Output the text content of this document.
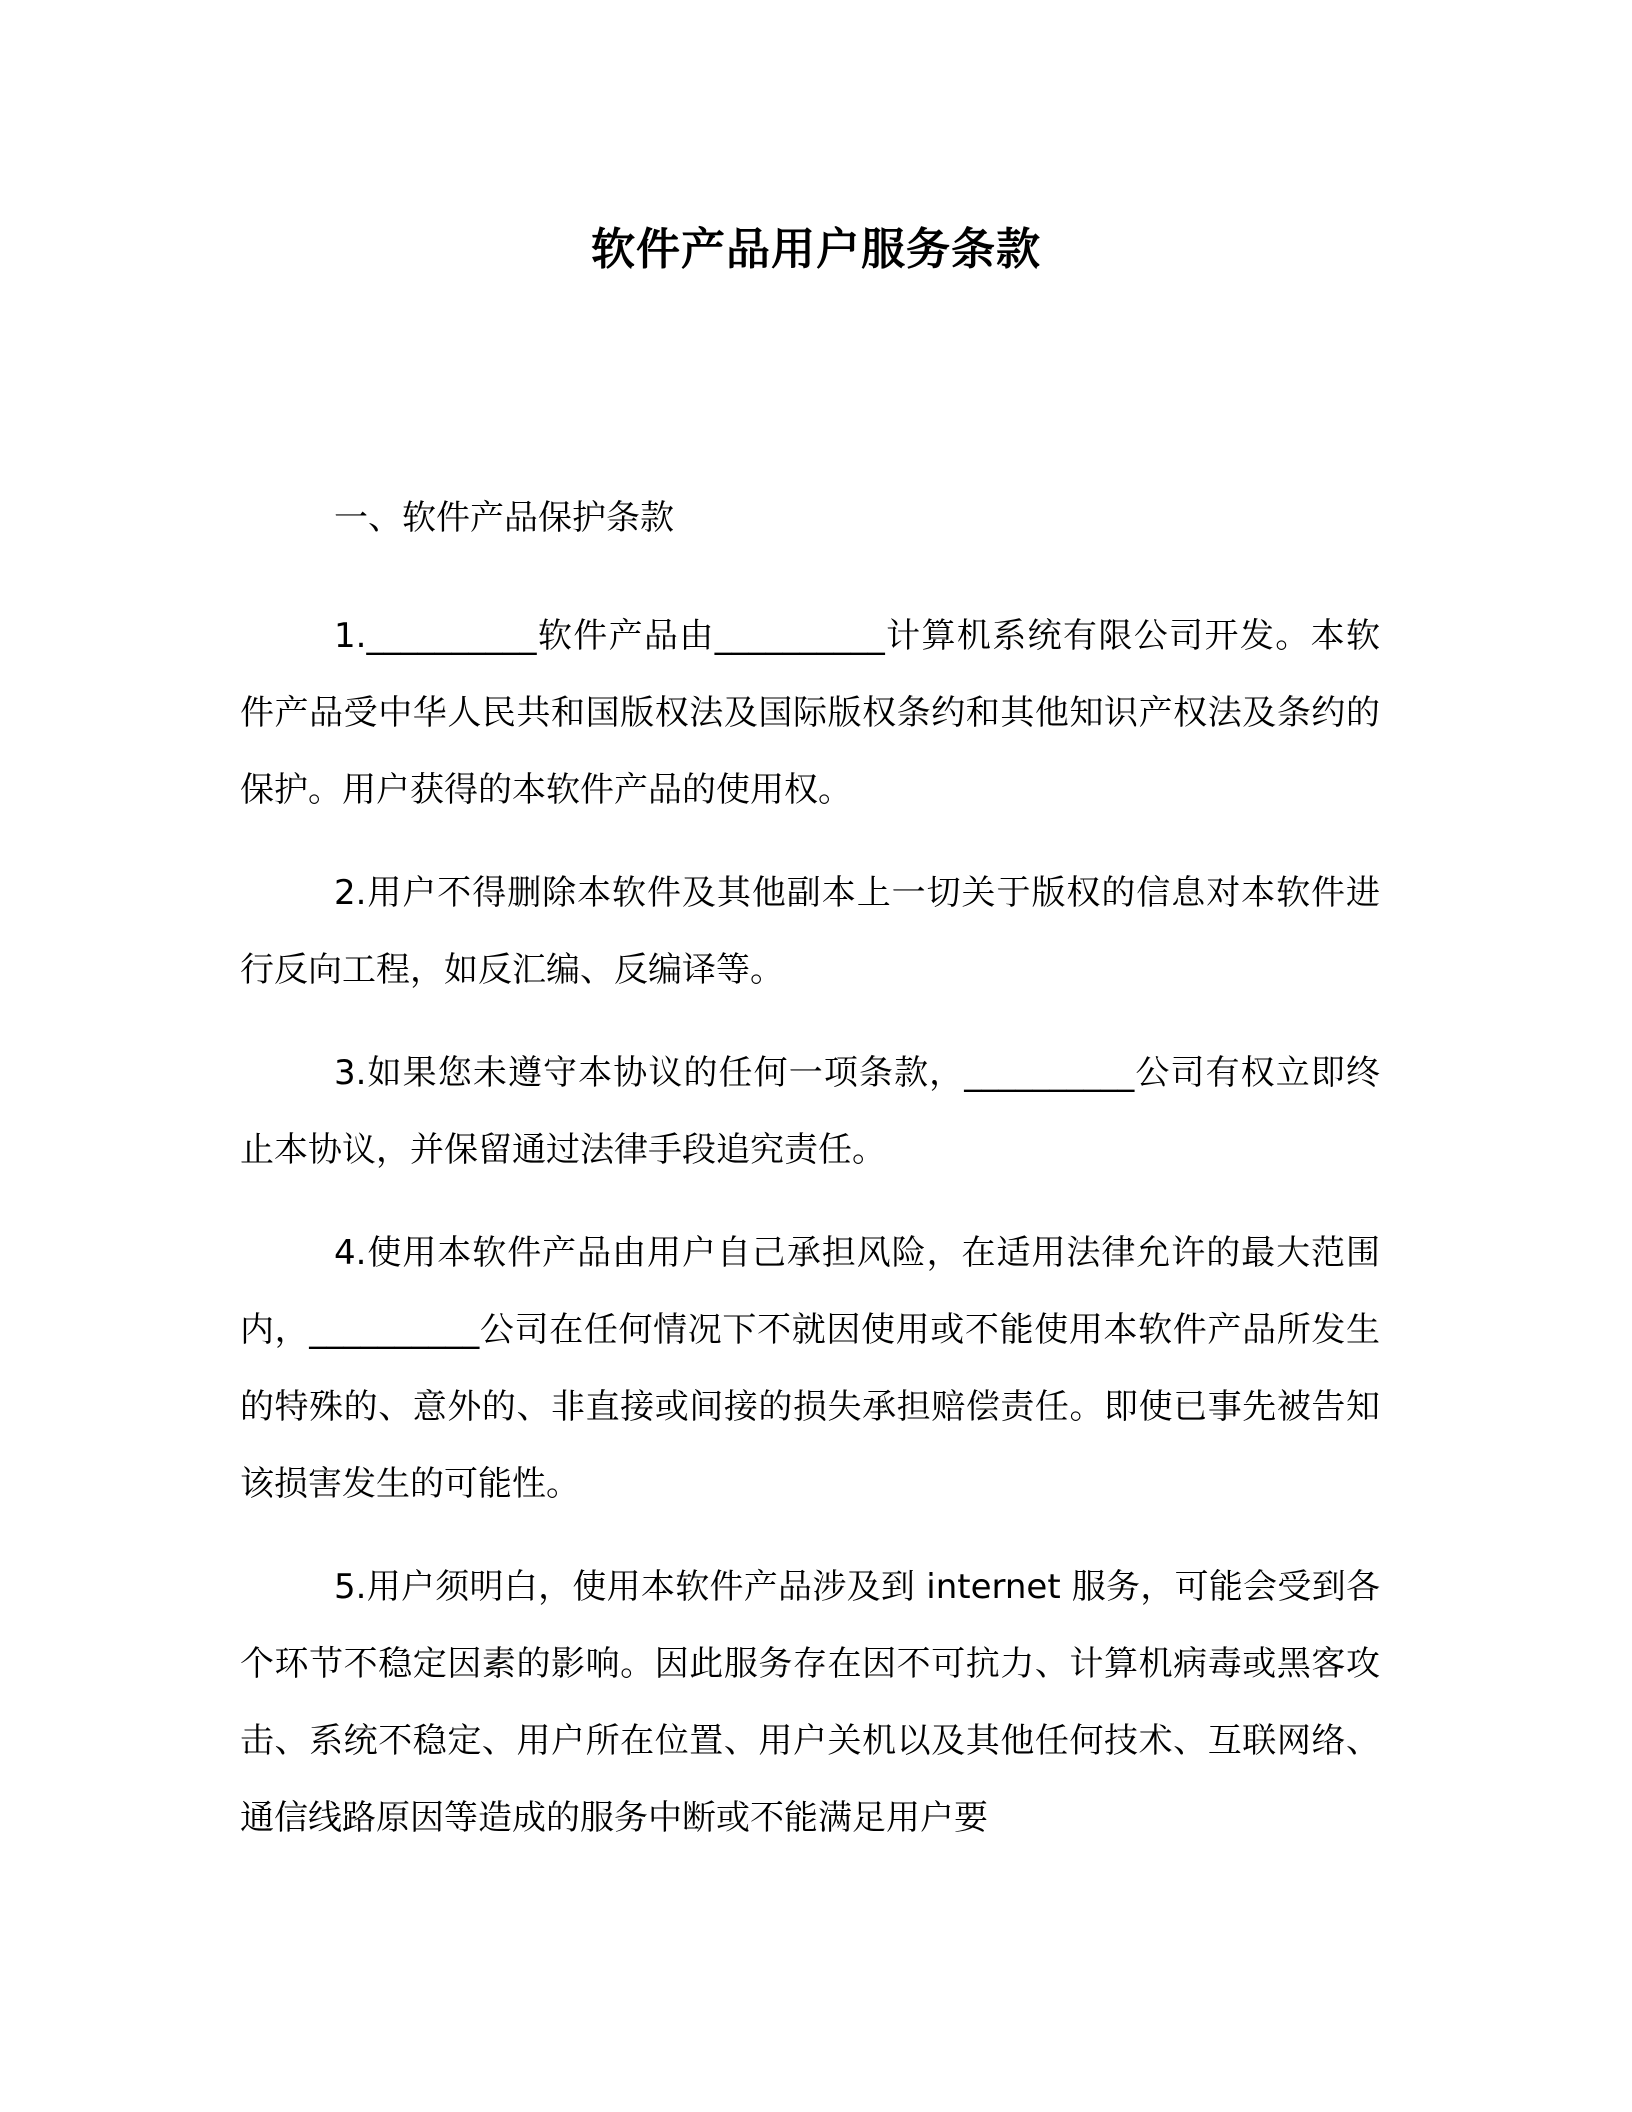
软件产品用户服务条款
一、软件产品保护条款

1.__________软件产品由__________计算机系统有限公司开发。本软件产品受中华人民共和国版权法及国际版权条约和其他知识产权法及条约的保护。用户获得的本软件产品的使用权。

2.用户不得删除本软件及其他副本上一切关于版权的信息对本软件进行反向工程，如反汇编、反编译等。

3.如果您未遵守本协议的任何一项条款，__________公司有权立即终止本协议，并保留通过法律手段追究责任。

4.使用本软件产品由用户自己承担风险，在适用法律允许的最大范围内，__________公司在任何情况下不就因使用或不能使用本软件产品所发生的特殊的、意外的、非直接或间接的损失承担赔偿责任。即使已事先被告知该损害发生的可能性。

5.用户须明白，使用本软件产品涉及到 internet 服务，可能会受到各个环节不稳定因素的影响。因此服务存在因不可抗力、计算机病毒或黑客攻击、系统不稳定、用户所在位置、用户关机以及其他任何技术、互联网络、通信线路原因等造成的服务中断或不能满足用户要
